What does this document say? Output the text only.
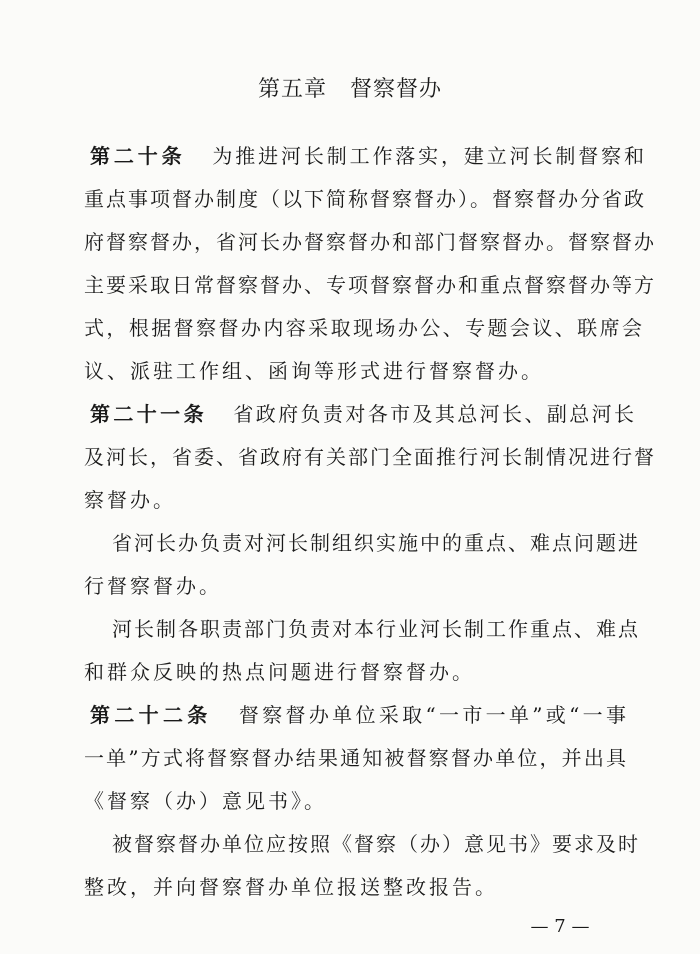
第五章　督察督办
第二十条 为推进河长制工作落实，建立河长制督察和
重点事项督办制度（以下简称督察督办）。督察督办分省政
府督察督办，省河长办督察督办和部门督察督办。督察督办
主要采取日常督察督办、专项督察督办和重点督察督办等方
式，根据督察督办内容采取现场办公、专题会议、联席会
议、派驻工作组、函询等形式进行督察督办。
第二十一条 省政府负责对各市及其总河长、副总河长
及河长，省委、省政府有关部门全面推行河长制情况进行督
察督办。
省河长办负责对河长制组织实施中的重点、难点问题进
行督察督办。
河长制各职责部门负责对本行业河长制工作重点、难点
和群众反映的热点问题进行督察督办。
第二十二条 督察督办单位采取“一市一单”或“一事
一单”方式将督察督办结果通知被督察督办单位，并出具
《督察（办）意见书》。
被督察督办单位应按照《督察（办）意见书》要求及时
整改，并向督察督办单位报送整改报告。
— 7 —
